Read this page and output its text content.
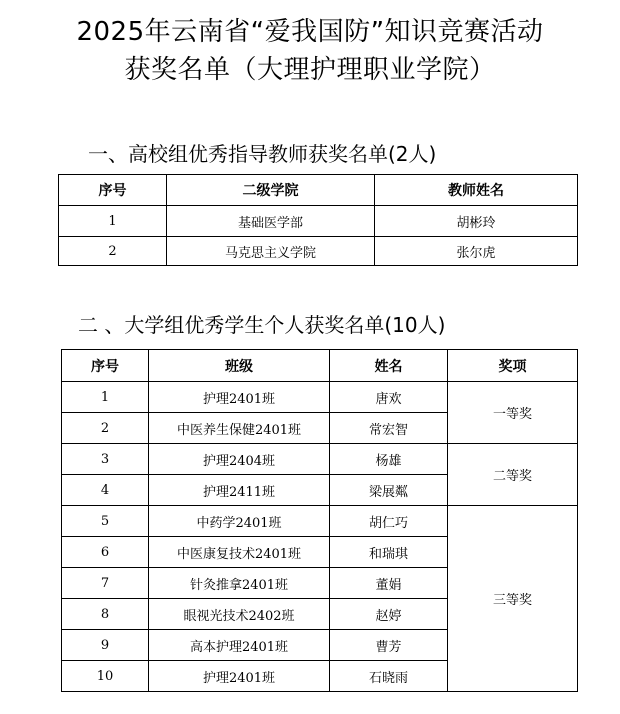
2025年云南省“爱我国防”知识竞赛活动
获奖名单（大理护理职业学院）
一、高校组优秀指导教师获奖名单(2人)
序号	二级学院	教师姓名
1	基础医学部	胡彬玲
2	马克思主义学院	张尔虎
二 、大学组优秀学生个人获奖名单(10人)
序号	班级	姓名	奖项
1	护理2401班	唐欢	一等奖
2	中医养生保健2401班	常宏智	
3	护理2404班	杨雄	二等奖
4	护理2411班	梁展粼	
5	中药学2401班	胡仁巧	三等奖
6	中医康复技术2401班	和瑞琪	
7	针灸推拿2401班	董娟	
8	眼视光技术2402班	赵婷	
9	高本护理2401班	曹芳	
10	护理2401班	石晓雨	
